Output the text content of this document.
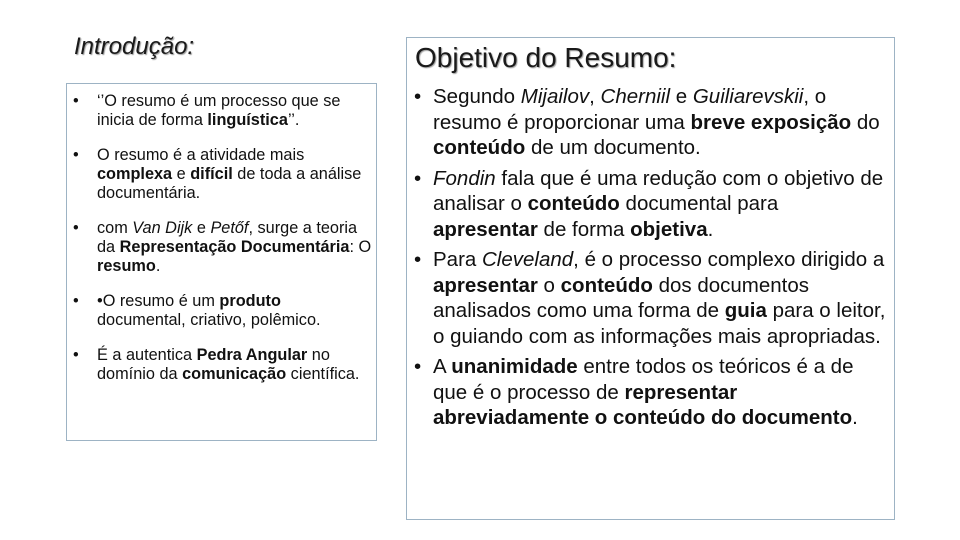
Introdução:
• ‘’O resumo é um processo que se inicia de forma linguística’’.
• O resumo é a atividade mais complexa e difícil de toda a análise documentária.
• com Van Dijk e Petőf, surge a teoria da Representação Documentária: O resumo.
• •O resumo é um produto documental, criativo, polêmico.
• É a autentica Pedra Angular no domínio da comunicação científica.
Objetivo do Resumo:
• Segundo Mijailov, Cherniil e Guiliarevskii, o resumo é proporcionar uma breve exposição do conteúdo de um documento.
• Fondin fala que é uma redução com o objetivo de analisar o conteúdo documental para apresentar de forma objetiva.
• Para Cleveland, é o processo complexo dirigido a apresentar o conteúdo dos documentos analisados como uma forma de guia para o leitor, o guiando com as informações mais apropriadas.
• A unanimidade entre todos os teóricos é a de que é o processo de representar abreviadamente o conteúdo do documento.
